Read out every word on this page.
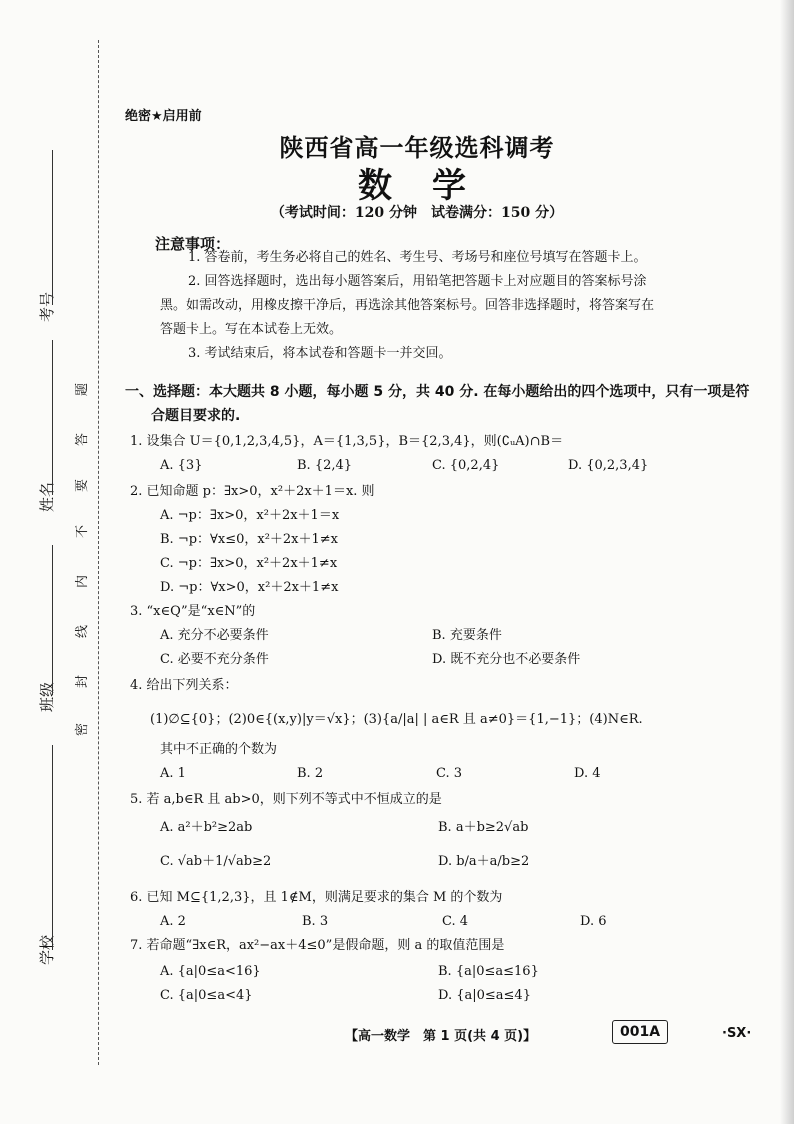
考号
姓名
班级
学校
题
答
要
不
内
线
封
密
绝密★启用前
陕西省高一年级选科调考
数学
（考试时间：120 分钟　试卷满分：150 分）
注意事项：
1. 答卷前，考生务必将自己的姓名、考生号、考场号和座位号填写在答题卡上。
2. 回答选择题时，选出每小题答案后，用铅笔把答题卡上对应题目的答案标号涂
黑。如需改动，用橡皮擦干净后，再选涂其他答案标号。回答非选择题时，将答案写在
答题卡上。写在本试卷上无效。
3. 考试结束后，将本试卷和答题卡一并交回。
一、选择题：本大题共 8 小题，每小题 5 分，共 40 分. 在每小题给出的四个选项中，只有一项是符
合题目要求的.
1. 设集合 U＝{0,1,2,3,4,5}，A＝{1,3,5}，B＝{2,3,4}，则(∁ᵤA)∩B＝
A. {3}	B. {2,4}	C. {0,2,4}	D. {0,2,3,4}
2. 已知命题 p：∃x>0，x²＋2x＋1＝x. 则
A. ¬p：∃x>0，x²＋2x＋1＝x
B. ¬p：∀x≤0，x²＋2x＋1≠x
C. ¬p：∃x>0，x²＋2x＋1≠x
D. ¬p：∀x>0，x²＋2x＋1≠x
3. “x∈Q”是“x∈N”的
A. 充分不必要条件	B. 充要条件
C. 必要不充分条件	D. 既不充分也不必要条件
4. 给出下列关系：
(1)∅⊆{0}；(2)0∈{(x,y)|y＝√x}；(3){a/|a| | a∈R 且 a≠0}＝{1,−1}；(4)N∈R.
其中不正确的个数为
A. 1	B. 2	C. 3	D. 4
5. 若 a,b∈R 且 ab>0，则下列不等式中不恒成立的是
A. a²＋b²≥2ab	B. a＋b≥2√ab
C. √ab＋1/√ab≥2	D. b/a＋a/b≥2
6. 已知 M⊆{1,2,3}，且 1∉M，则满足要求的集合 M 的个数为
A. 2	B. 3	C. 4	D. 6
7. 若命题“∃x∈R，ax²−ax＋4≤0”是假命题，则 a 的取值范围是
A. {a|0≤a<16}	B. {a|0≤a≤16}
C. {a|0≤a<4}	D. {a|0≤a≤4}
【高一数学　第 1 页(共 4 页)】	001A	·SX·
